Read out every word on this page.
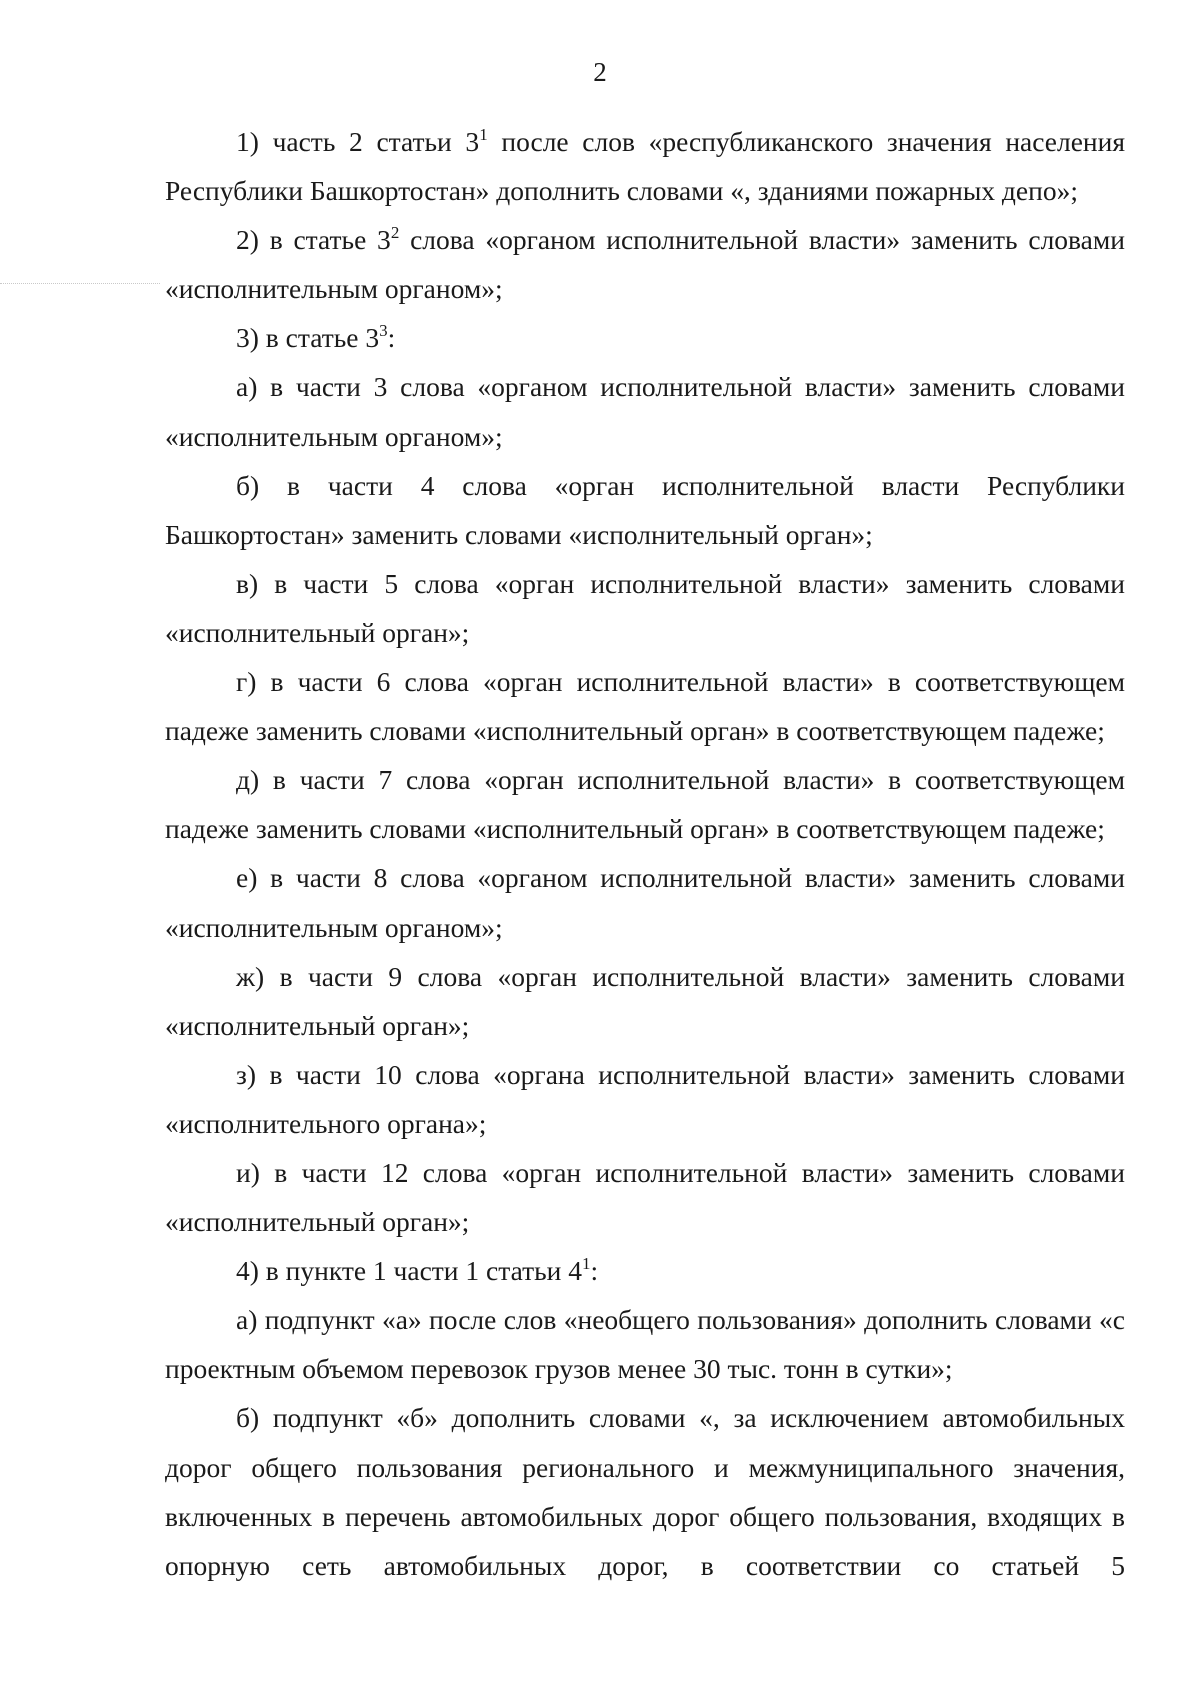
2

1) часть 2 статьи $3^1$ после слов «республиканского значения населения Республики Башкортостан» дополнить словами «, зданиями пожарных депо»;

2) в статье $3^2$ слова «органом исполнительной власти» заменить словами «исполнительным органом»;

3) в статье $3^3$:

а) в части 3 слова «органом исполнительной власти» заменить словами «исполнительным органом»;

б) в части 4 слова «орган исполнительной власти Республики Башкортостан» заменить словами «исполнительный орган»;

в) в части 5 слова «орган исполнительной власти» заменить словами «исполнительный орган»;

г) в части 6 слова «орган исполнительной власти» в соответствующем падеже заменить словами «исполнительный орган» в соответствующем падеже;

д) в части 7 слова «орган исполнительной власти» в соответствующем падеже заменить словами «исполнительный орган» в соответствующем падеже;

е) в части 8 слова «органом исполнительной власти» заменить словами «исполнительным органом»;

ж) в части 9 слова «орган исполнительной власти» заменить словами «исполнительный орган»;

з) в части 10 слова «органа исполнительной власти» заменить словами «исполнительного органа»;

и) в части 12 слова «орган исполнительной власти» заменить словами «исполнительный орган»;

4) в пункте 1 части 1 статьи $4^1$:

а) подпункт «а» после слов «необщего пользования» дополнить словами «с проектным объемом перевозок грузов менее 30 тыс. тонн в сутки»;

б) подпункт «б» дополнить словами «, за исключением автомобильных дорог общего пользования регионального и межмуниципального значения, включенных в перечень автомобильных дорог общего пользования, входящих в опорную сеть автомобильных дорог, в соответствии со статьей 5
